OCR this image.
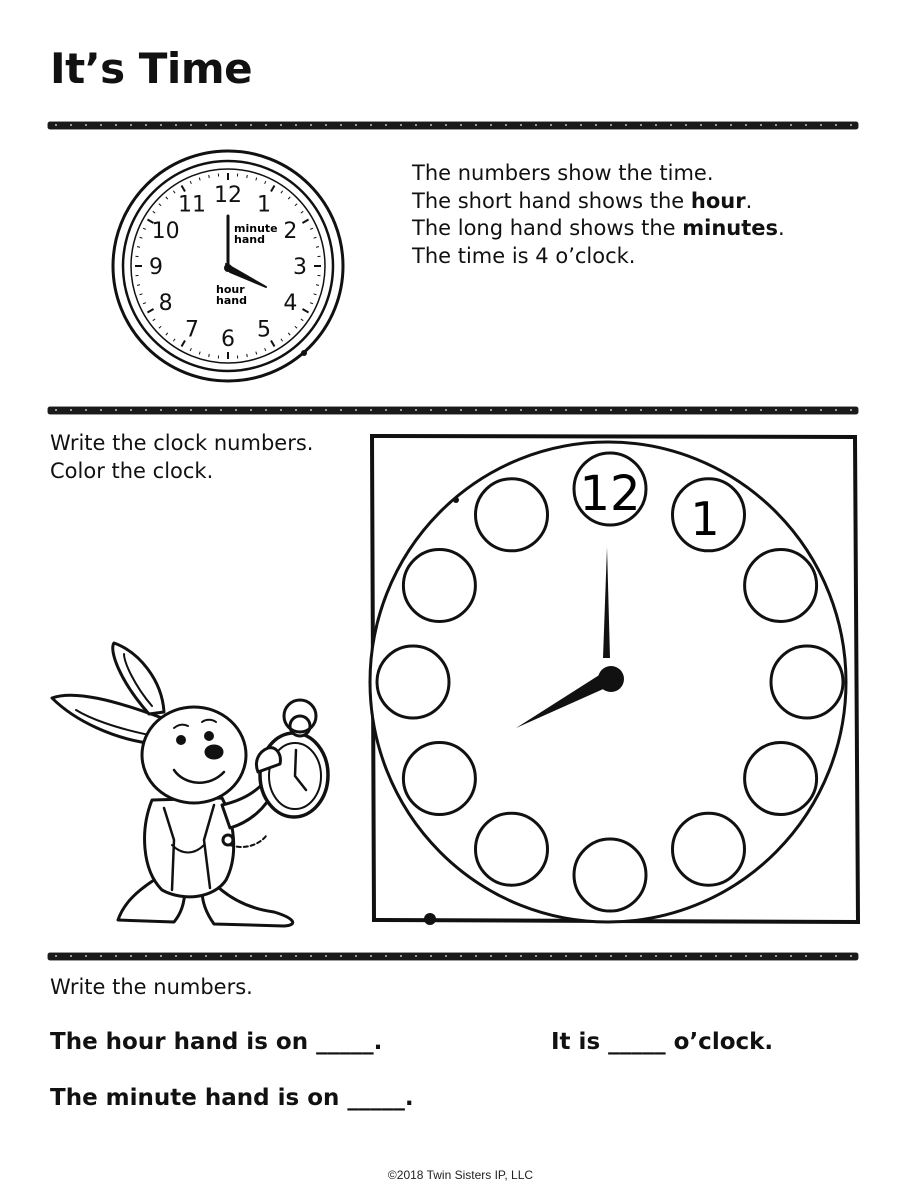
It’s Time
12 1
2
3
4
5
6
7
8
9
10
11
minute
hand
hour
hand
The numbers show the time.
The short hand shows the hour.
The long hand shows the minutes.
The time is 4 o’clock.
Write the clock numbers.
Color the clock.	12 1
Write the numbers.
The hour hand is on _____.	It is _____ o’clock.
The minute hand is on _____.
©2018 Twin Sisters IP, LLC
